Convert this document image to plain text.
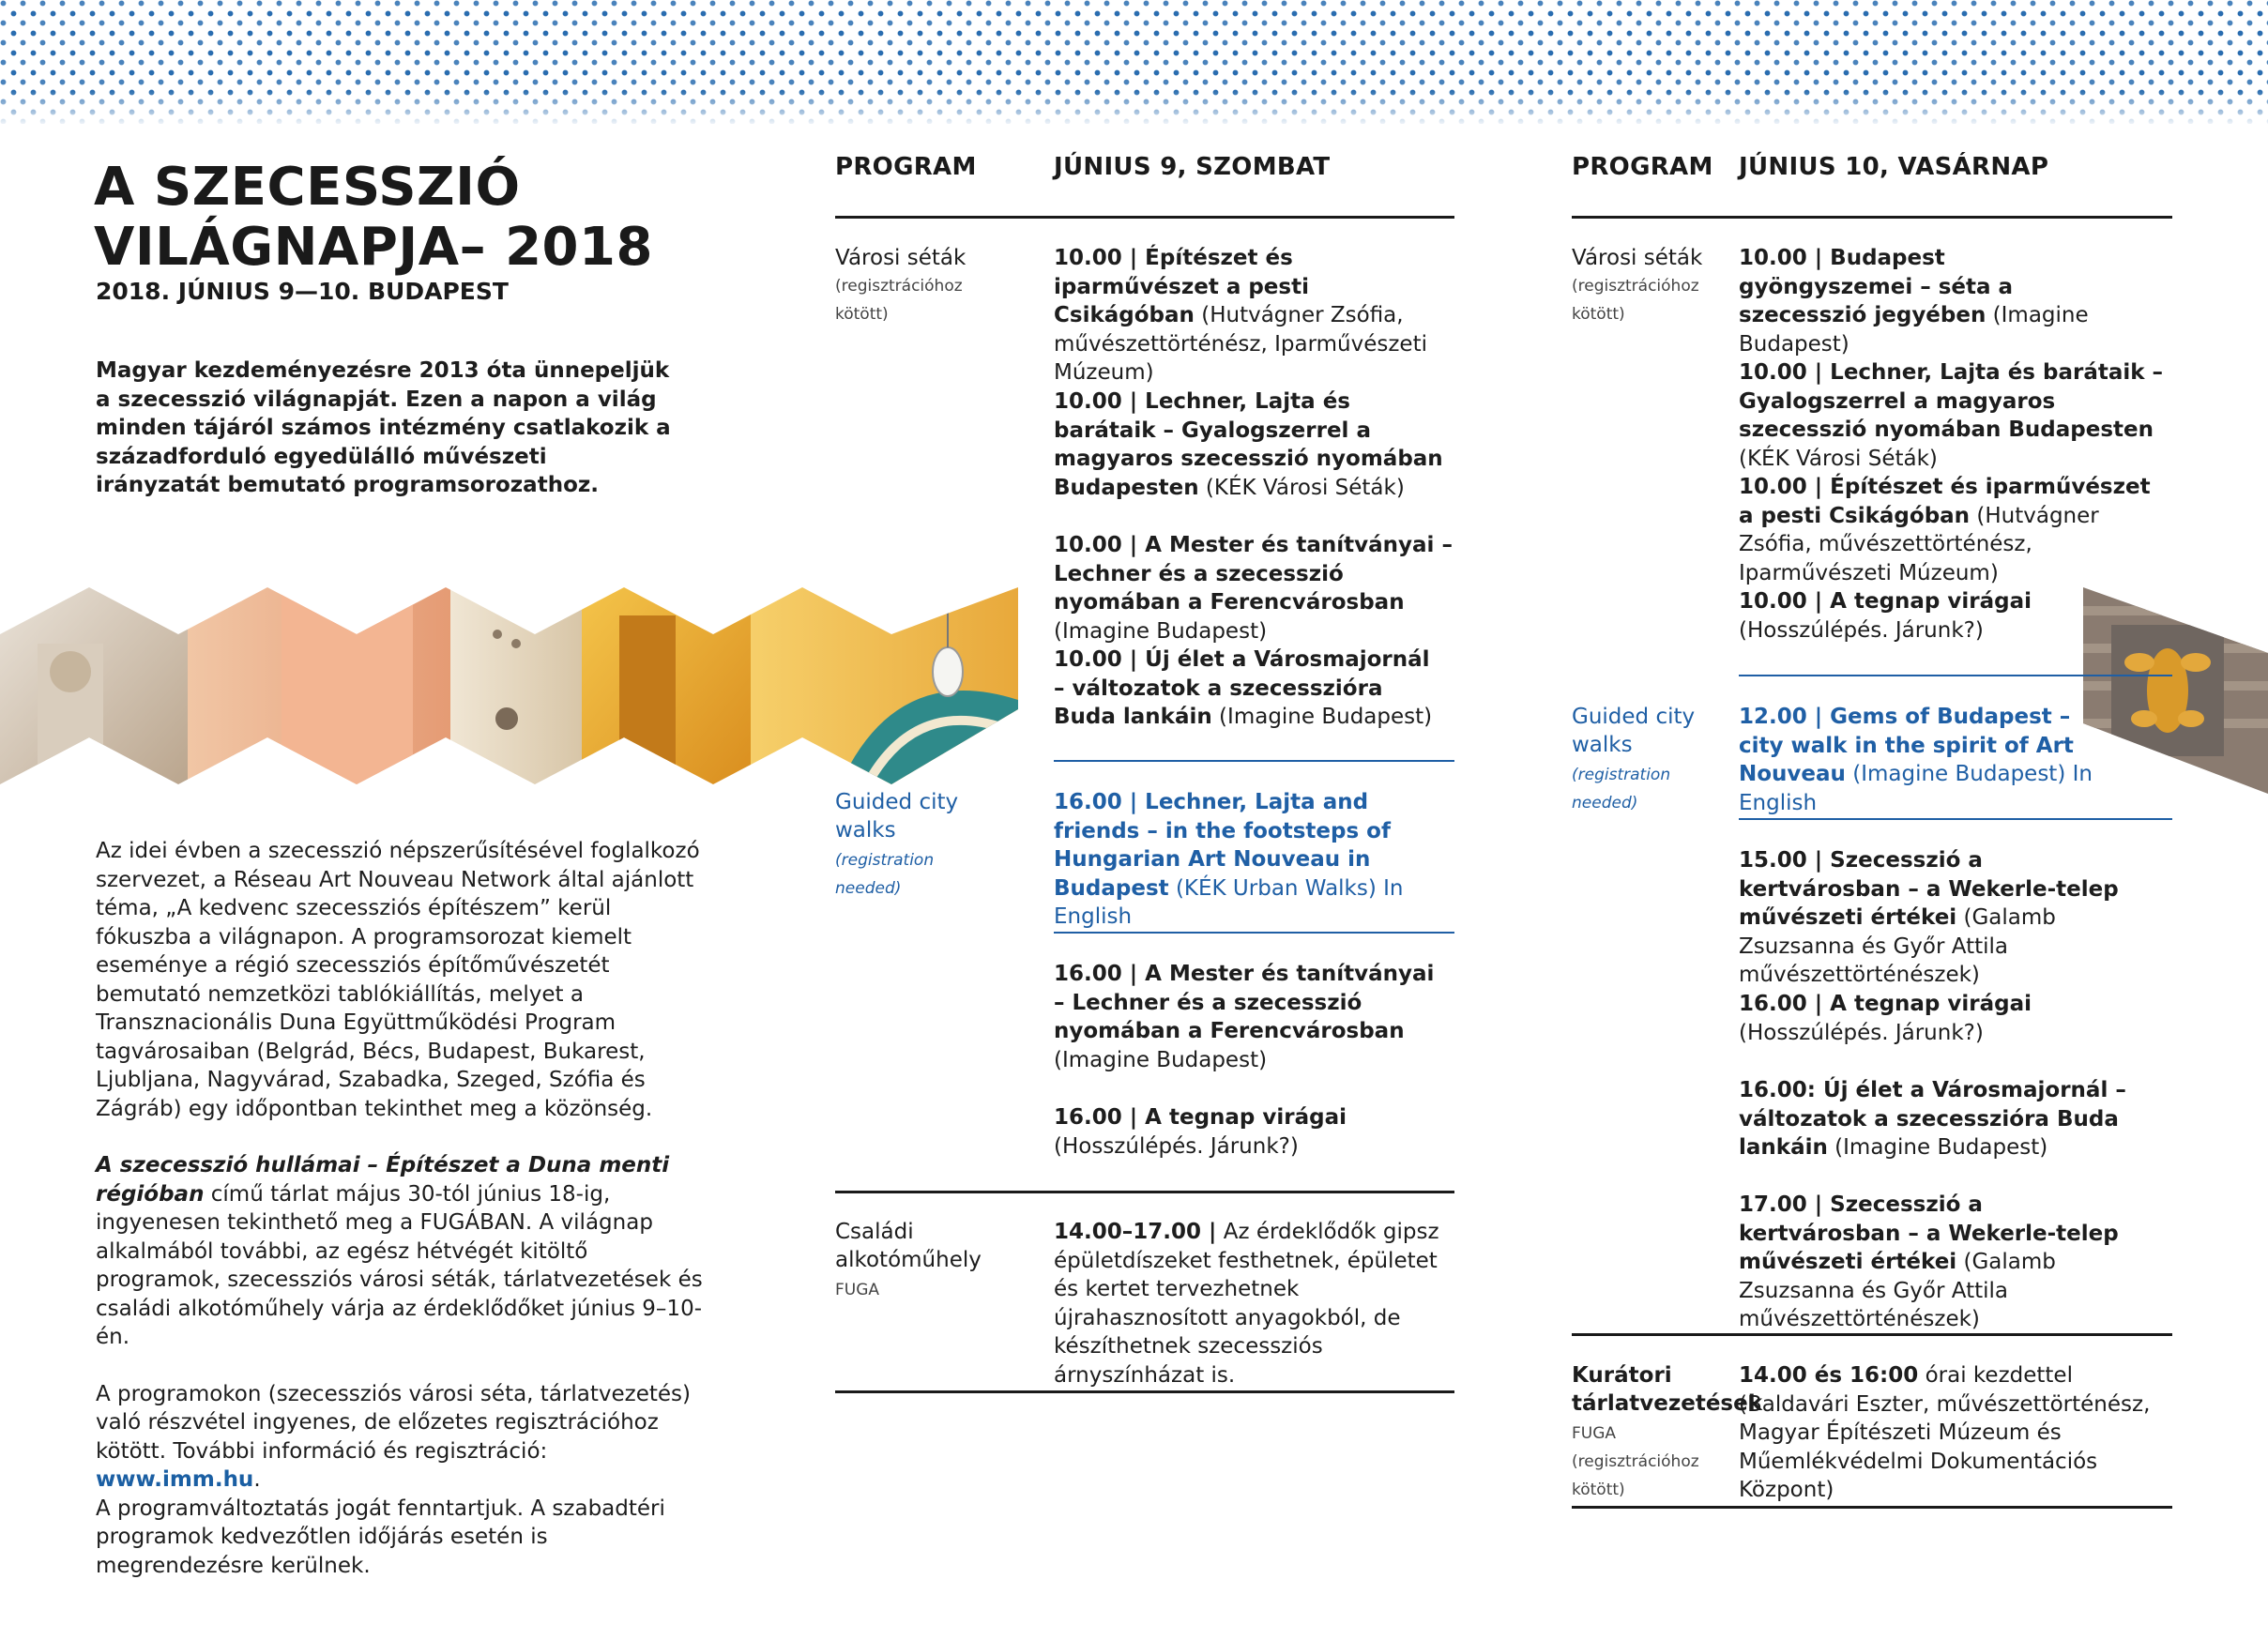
A SZECESSZIÓ
VILÁGNAPJA– 2018
2018. JÚNIUS 9—10. BUDAPEST
Magyar kezdeményezésre 2013 óta ünnepeljük a szecesszió világnapját. Ezen a napon a világ minden tájáról számos intézmény csatlakozik a századforduló egyedülálló művészeti irányzatát bemutató programsorozathoz.

Az idei évben a szecesszió népszerűsítésével foglalkozó szervezet, a Réseau Art Nouveau Network által ajánlott téma, „A kedvenc szecessziós építészem” kerül fókuszba a világnapon. A programsorozat kiemelt eseménye a régió szecessziós építőművészetét bemutató nemzetközi tablókiállítás, melyet a Transznacionális Duna Együttműködési Program tagvárosaiban (Belgrád, Bécs, Budapest, Bukarest, Ljubljana, Nagyvárad, Szabadka, Szeged, Szófia és Zágráb) egy időpontban tekinthet meg a közönség.

A szecesszió hullámai – Építészet a Duna menti régióban című tárlat május 30-tól június 18-ig, ingyenesen tekinthető meg a FUGÁBAN. A világnap alkalmából további, az egész hétvégét kitöltő programok, szecessziós városi séták, tárlatvezetések és családi alkotóműhely várja az érdeklődőket június 9–10-én.

A programokon (szecessziós városi séta, tárlatvezetés) való részvétel ingyenes, de előzetes regisztrációhoz kötött. További információ és regisztráció: www.imm.hu.

A programváltoztatás jogát fenntartjuk. A szabadtéri programok kedvezőtlen időjárás esetén is megrendezésre kerülnek.

PROGRAM	JÚNIUS 9, SZOMBAT
Városi séták
(regisztrációhoz kötött)
10.00 | Építészet és iparművészet a pesti Csikágóban (Hutvágner Zsófia, művészettörténész, Iparművészeti Múzeum)
10.00 | Lechner, Lajta és barátaik – Gyalogszerrel a magyaros szecesszió nyomában Budapesten (KÉK Városi Séták)
10.00 | A Mester és tanítványai – Lechner és a szecesszió nyomában a Ferencvárosban (Imagine Budapest)
10.00 | Új élet a Városmajornál – változatok a szecesszióra Buda lankáin (Imagine Budapest)
Guided city walks
(registration needed)
16.00 | Lechner, Lajta and friends – in the footsteps of Hungarian Art Nouveau in Budapest (KÉK Urban Walks) In English
16.00 | A Mester és tanítványai – Lechner és a szecesszió nyomában a Ferencvárosban (Imagine Budapest)
16.00 | A tegnap virágai
(Hosszúlépés. Járunk?)
Családi alkotóműhely
FUGA
14.00–17.00 | Az érdeklődők gipsz épületdíszeket festhetnek, épületet és kertet tervezhetnek újrahasznosított anyagokból, de készíthetnek szecessziós árnyszínházat is.
PROGRAM JÚNIUS 10, VASÁRNAP
Városi séták
(regisztrációhoz kötött)
10.00 | Budapest gyöngyszemei – séta a szecesszió jegyében (Imagine Budapest)
10.00 | Lechner, Lajta és barátaik – Gyalogszerrel a magyaros szecesszió nyomában Budapesten (KÉK Városi Séták)
10.00 | Építészet és iparművészet a pesti Csikágóban (Hutvágner Zsófia, művészettörténész, Iparművészeti Múzeum)
10.00 | A tegnap virágai
(Hosszúlépés. Járunk?)
Guided city walks
(registration needed)
12.00 | Gems of Budapest – city walk in the spirit of Art Nouveau (Imagine Budapest) In English
15.00 | Szecesszió a kertvárosban – a Wekerle-telep művészeti értékei (Galamb Zsuzsanna és Győr Attila művészettörténészek)
16.00 | A tegnap virágai
(Hosszúlépés. Járunk?)
16.00: Új élet a Városmajornál – változatok a szecesszióra Buda lankáin (Imagine Budapest)
17.00 | Szecesszió a kertvárosban – a Wekerle-telep művészeti értékei (Galamb Zsuzsanna és Győr Attila művészettörténészek)
Kurátori tárlatvezetések
FUGA (regisztrációhoz kötött)
14.00 és 16:00 órai kezdettel (Baldavári Eszter, művészettörténész, Magyar Építészeti Múzeum és Műemlékvédelmi Dokumentációs Központ)
